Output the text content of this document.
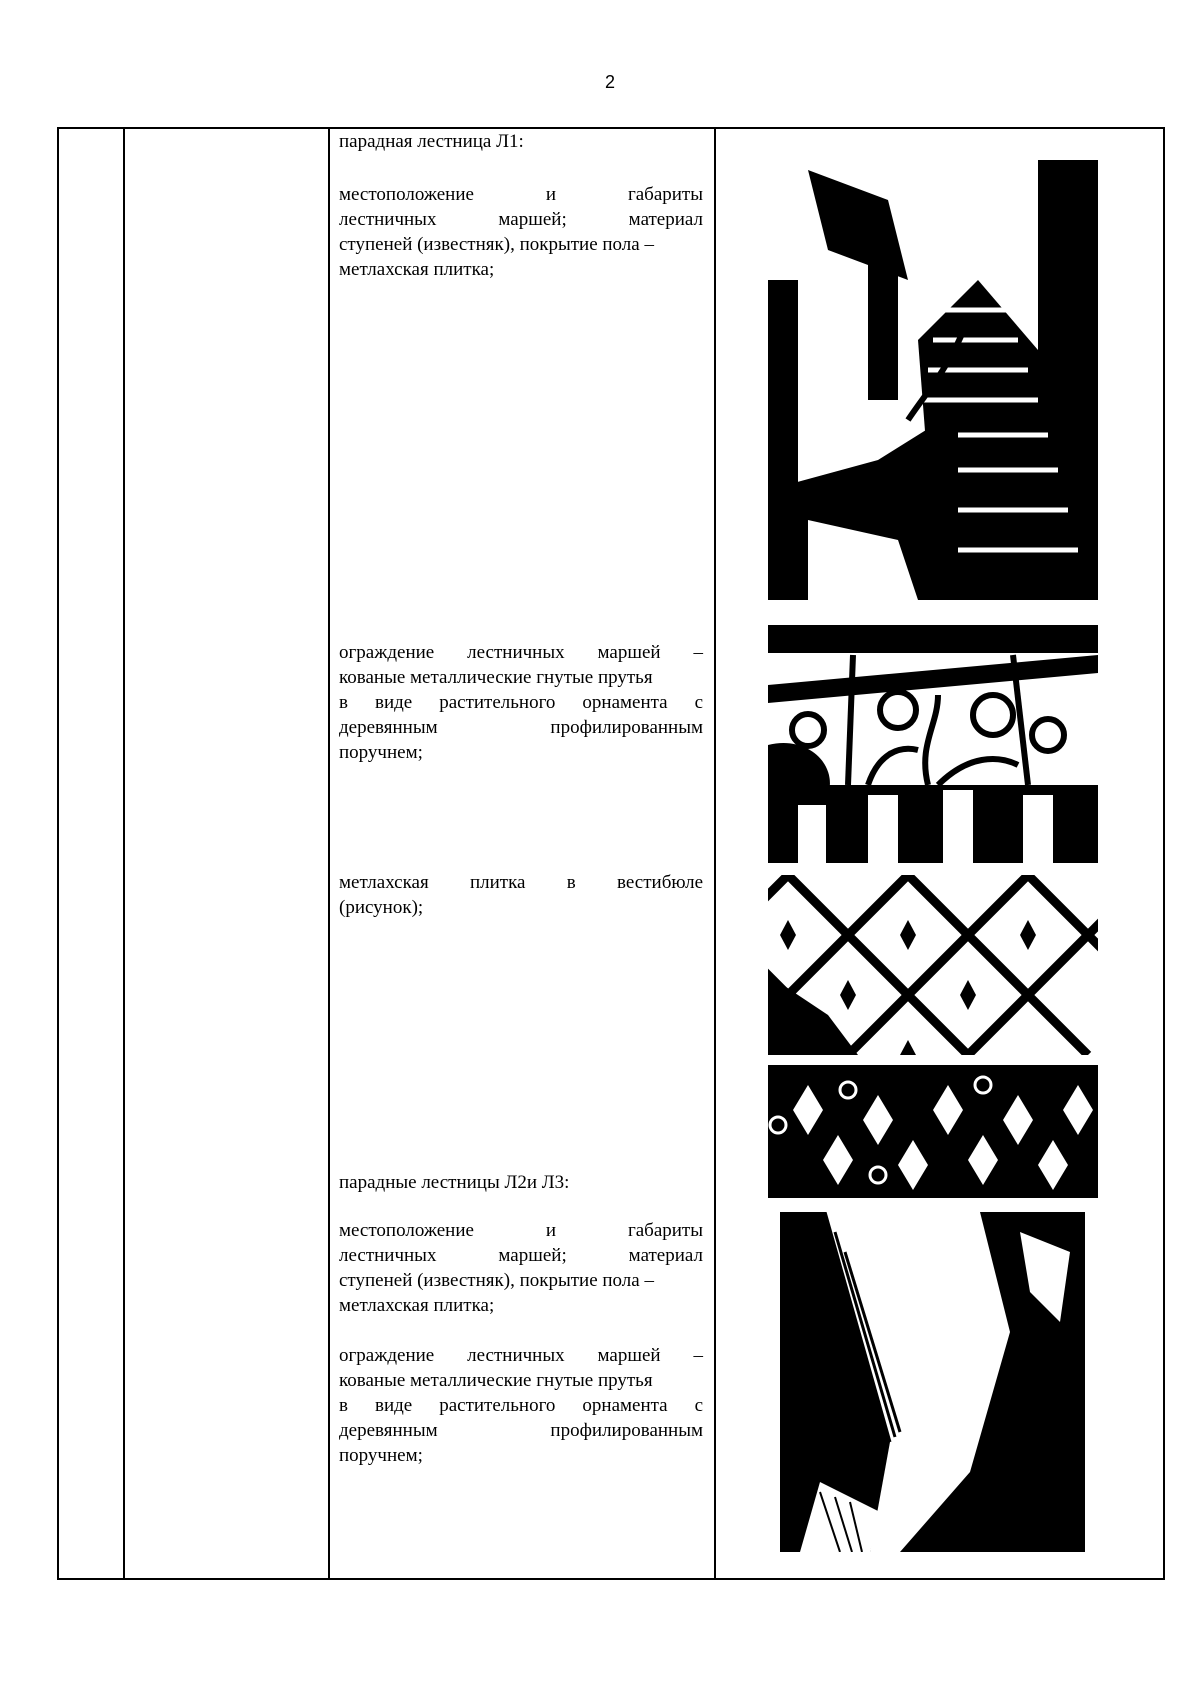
2
парадная лестница Л1:
местоположение	и	габариты
лестничных	маршей;	материал
ступеней (известняк), покрытие пола –
метлахская плитка;
ограждение лестничных маршей –
кованые металлические гнутые прутья
в виде растительного орнамента с
деревянным	профилированным
поручнем;
метлахская плитка в вестибюле
(рисунок);
парадные лестницы Л2и Л3:
местоположение	и	габариты
лестничных	маршей;	материал
ступеней (известняк), покрытие пола –
метлахская плитка;
ограждение лестничных маршей –
кованые металлические гнутые прутья
в виде растительного орнамента с
деревянным	профилированным
поручнем;
